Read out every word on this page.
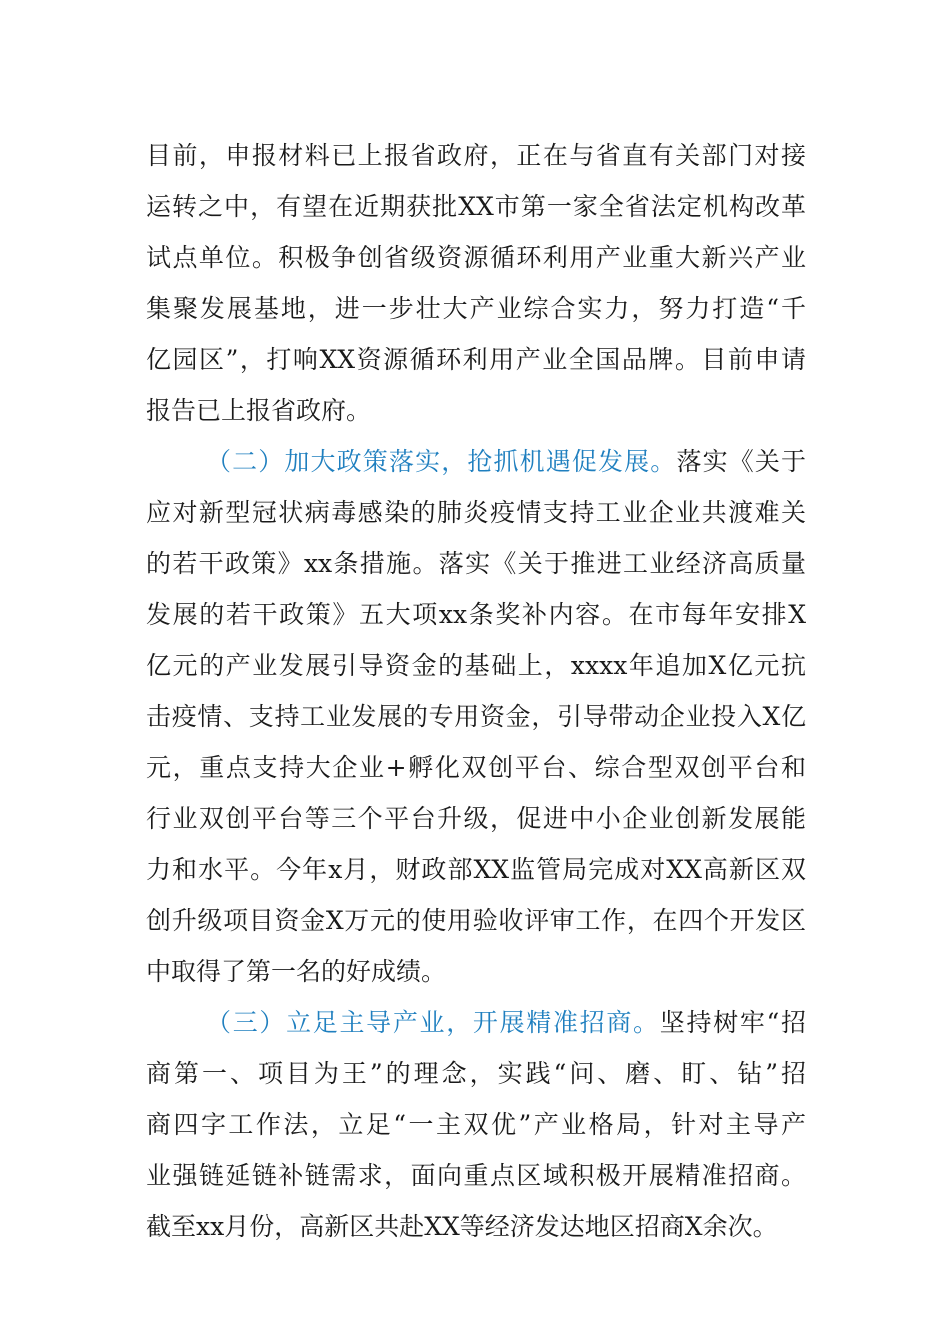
目前，申报材料已上报省政府，正在与省直有关部门对接
运转之中，有望在近期获批XX市第一家全省法定机构改革
试点单位。积极争创省级资源循环利用产业重大新兴产业
集聚发展基地，进一步壮大产业综合实力，努力打造“千
亿园区”，打响XX资源循环利用产业全国品牌。目前申请
报告已上报省政府。
（二）加大政策落实，抢抓机遇促发展。落实《关于
应对新型冠状病毒感染的肺炎疫情支持工业企业共渡难关
的若干政策》xx条措施。落实《关于推进工业经济高质量
发展的若干政策》五大项xx条奖补内容。在市每年安排X
亿元的产业发展引导资金的基础上，xxxx年追加X亿元抗
击疫情、支持工业发展的专用资金，引导带动企业投入X亿
元，重点支持大企业+孵化双创平台、综合型双创平台和
行业双创平台等三个平台升级，促进中小企业创新发展能
力和水平。今年x月，财政部XX监管局完成对XX高新区双
创升级项目资金X万元的使用验收评审工作，在四个开发区
中取得了第一名的好成绩。
（三）立足主导产业，开展精准招商。坚持树牢“招
商第一、项目为王”的理念，实践“问、磨、盯、钻”招
商四字工作法，立足“一主双优”产业格局，针对主导产
业强链延链补链需求，面向重点区域积极开展精准招商。
截至xx月份，高新区共赴XX等经济发达地区招商X余次。
